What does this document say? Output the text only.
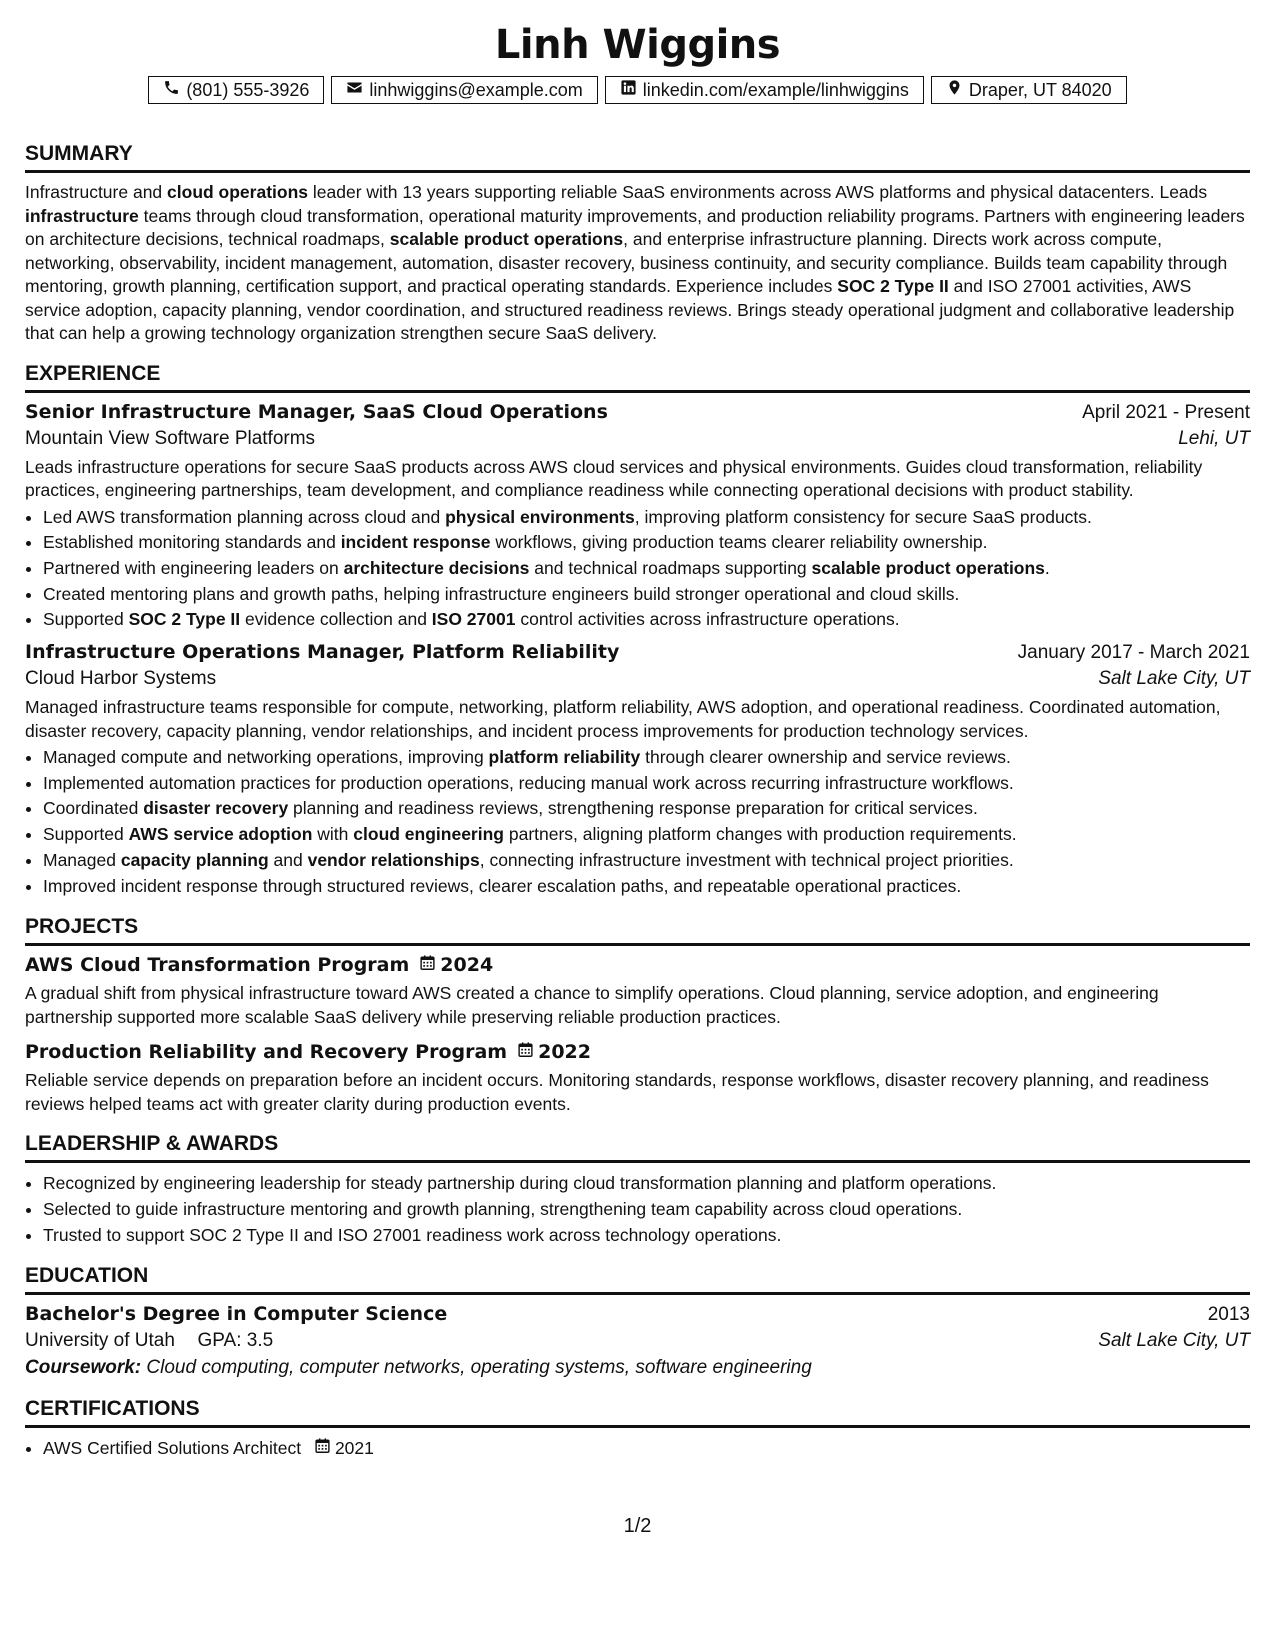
Linh Wiggins
(801) 555-3926	linhwiggins@example.com	linkedin.com/example/linhwiggins	Draper, UT 84020
SUMMARY

Infrastructure and cloud operations leader with 13 years supporting reliable SaaS environments across AWS platforms and physical datacenters. Leads infrastructure teams through cloud transformation, operational maturity improvements, and production reliability programs. Partners with engineering leaders on architecture decisions, technical roadmaps, scalable product operations, and enterprise infrastructure planning. Directs work across compute, networking, observability, incident management, automation, disaster recovery, business continuity, and security compliance. Builds team capability through mentoring, growth planning, certification support, and practical operating standards. Experience includes SOC 2 Type II and ISO 27001 activities, AWS service adoption, capacity planning, vendor coordination, and structured readiness reviews. Brings steady operational judgment and collaborative leadership that can help a growing technology organization strengthen secure SaaS delivery.

EXPERIENCE
Senior Infrastructure Manager, SaaS Cloud Operations	April 2021 - Present
Mountain View Software Platforms	Lehi, UT

Leads infrastructure operations for secure SaaS products across AWS cloud services and physical environments. Guides cloud transformation, reliability practices, engineering partnerships, team development, and compliance readiness while connecting operational decisions with product stability.

• Led AWS transformation planning across cloud and physical environments, improving platform consistency for secure SaaS products.
• Established monitoring standards and incident response workflows, giving production teams clearer reliability ownership.
• Partnered with engineering leaders on architecture decisions and technical roadmaps supporting scalable product operations.
• Created mentoring plans and growth paths, helping infrastructure engineers build stronger operational and cloud skills.
• Supported SOC 2 Type II evidence collection and ISO 27001 control activities across infrastructure operations.
Infrastructure Operations Manager, Platform Reliability	January 2017 - March 2021
Cloud Harbor Systems	Salt Lake City, UT

Managed infrastructure teams responsible for compute, networking, platform reliability, AWS adoption, and operational readiness. Coordinated automation, disaster recovery, capacity planning, vendor relationships, and incident process improvements for production technology services.

• Managed compute and networking operations, improving platform reliability through clearer ownership and service reviews.
• Implemented automation practices for production operations, reducing manual work across recurring infrastructure workflows.
• Coordinated disaster recovery planning and readiness reviews, strengthening response preparation for critical services.
• Supported AWS service adoption with cloud engineering partners, aligning platform changes with production requirements.
• Managed capacity planning and vendor relationships, connecting infrastructure investment with technical project priorities.
• Improved incident response through structured reviews, clearer escalation paths, and repeatable operational practices.
PROJECTS
AWS Cloud Transformation Program 2024

A gradual shift from physical infrastructure toward AWS created a chance to simplify operations. Cloud planning, service adoption, and engineering partnership supported more scalable SaaS delivery while preserving reliable production practices.

Production Reliability and Recovery Program 2022

Reliable service depends on preparation before an incident occurs. Monitoring standards, response workflows, disaster recovery planning, and readiness reviews helped teams act with greater clarity during production events.

LEADERSHIP & AWARDS
• Recognized by engineering leadership for steady partnership during cloud transformation planning and platform operations.
• Selected to guide infrastructure mentoring and growth planning, strengthening team capability across cloud operations.
• Trusted to support SOC 2 Type II and ISO 27001 readiness work across technology operations.
EDUCATION
Bachelor's Degree in Computer Science	2013
University of Utah GPA: 3.5	Salt Lake City, UT
Coursework: Cloud computing, computer networks, operating systems, software engineering
CERTIFICATIONS
• AWS Certified Solutions Architect 2021
1/2
